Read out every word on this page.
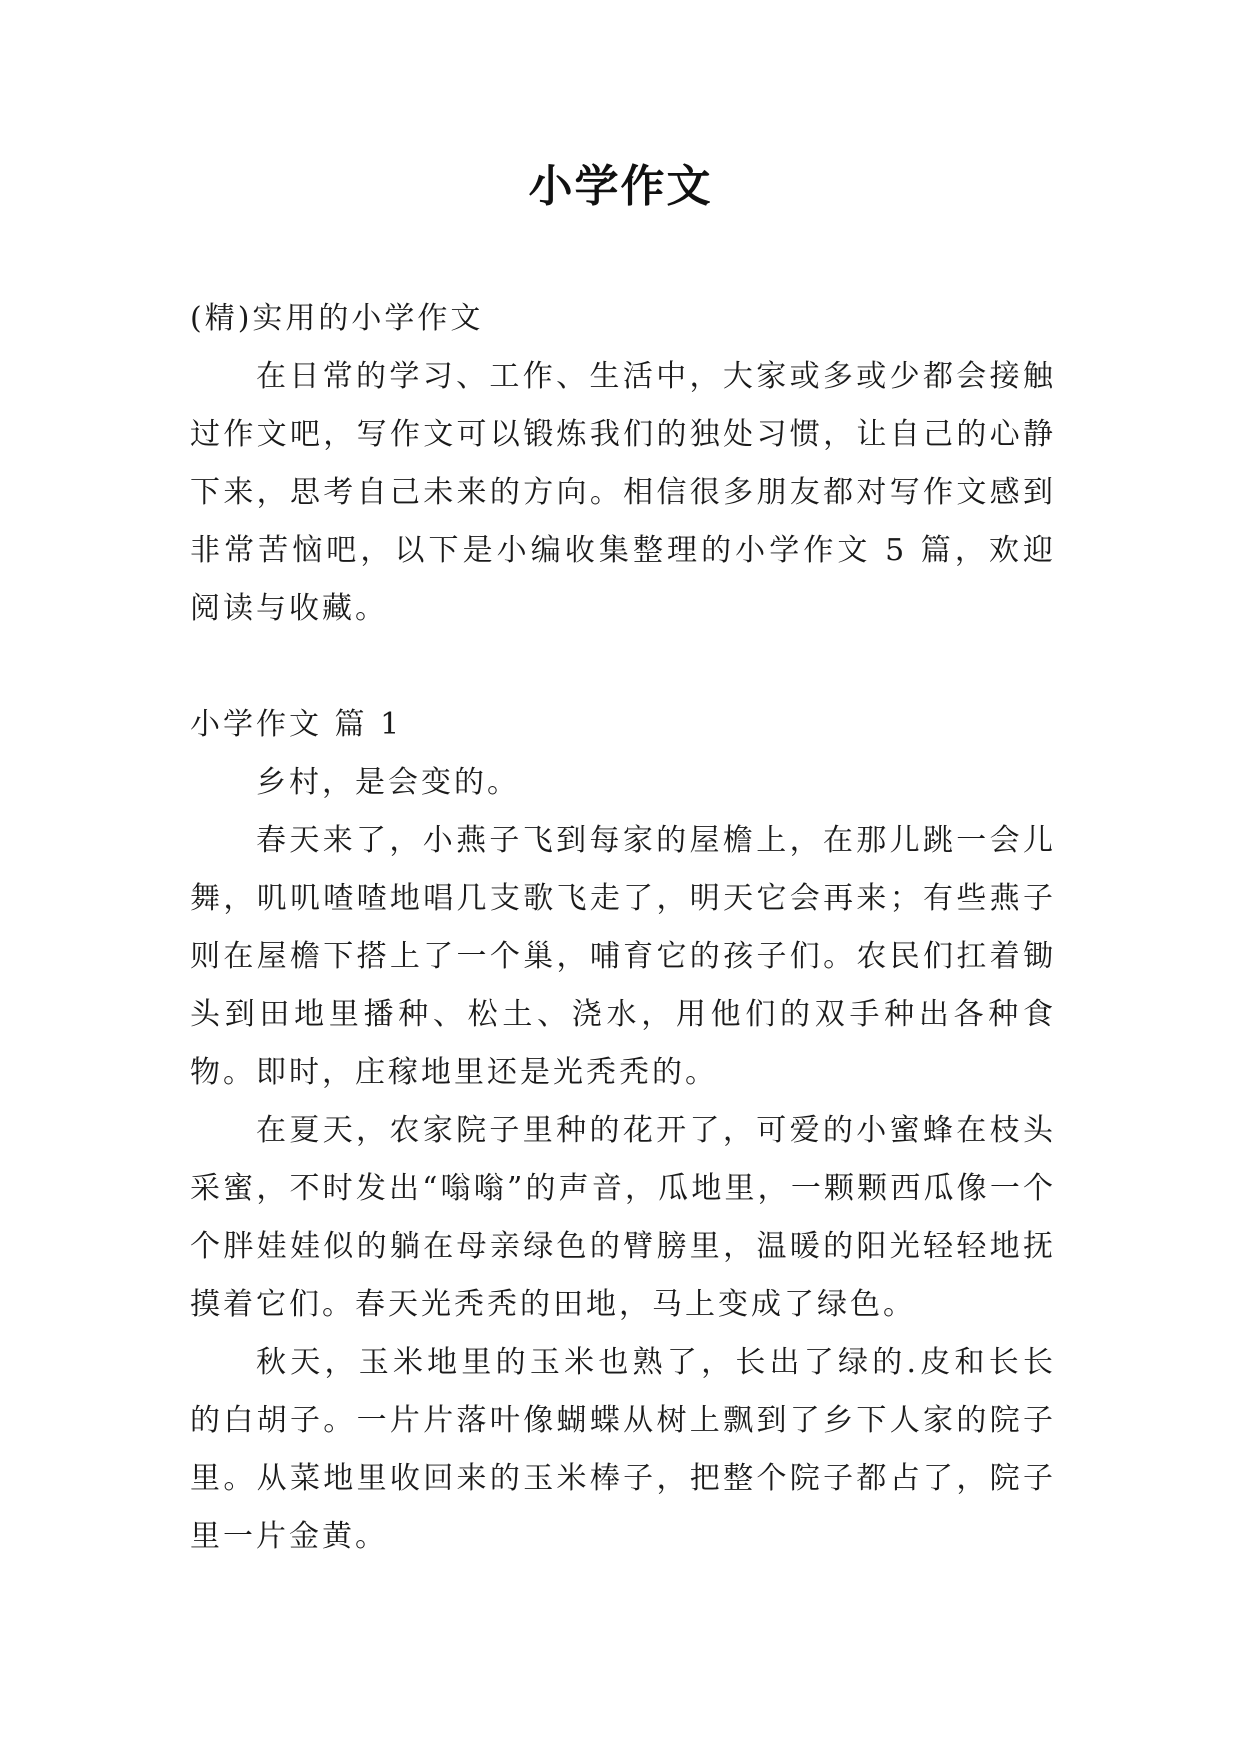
小学作文

(精)实用的小学作文

在日常的学习、工作、生活中，大家或多或少都会接触过作文吧，写作文可以锻炼我们的独处习惯，让自己的心静下来，思考自己未来的方向。相信很多朋友都对写作文感到非常苦恼吧，以下是小编收集整理的小学作文 5 篇，欢迎阅读与收藏。

小学作文 篇 1

乡村，是会变的。

春天来了，小燕子飞到每家的屋檐上，在那儿跳一会儿舞，叽叽喳喳地唱几支歌飞走了，明天它会再来；有些燕子则在屋檐下搭上了一个巢，哺育它的孩子们。农民们扛着锄头到田地里播种、松土、浇水，用他们的双手种出各种食物。即时，庄稼地里还是光秃秃的。

在夏天，农家院子里种的花开了，可爱的小蜜蜂在枝头采蜜，不时发出“嗡嗡”的声音，瓜地里，一颗颗西瓜像一个个胖娃娃似的躺在母亲绿色的臂膀里，温暖的阳光轻轻地抚摸着它们。春天光秃秃的田地，马上变成了绿色。

秋天，玉米地里的玉米也熟了，长出了绿的.皮和长长的白胡子。一片片落叶像蝴蝶从树上飘到了乡下人家的院子里。从菜地里收回来的玉米棒子，把整个院子都占了，院子里一片金黄。
